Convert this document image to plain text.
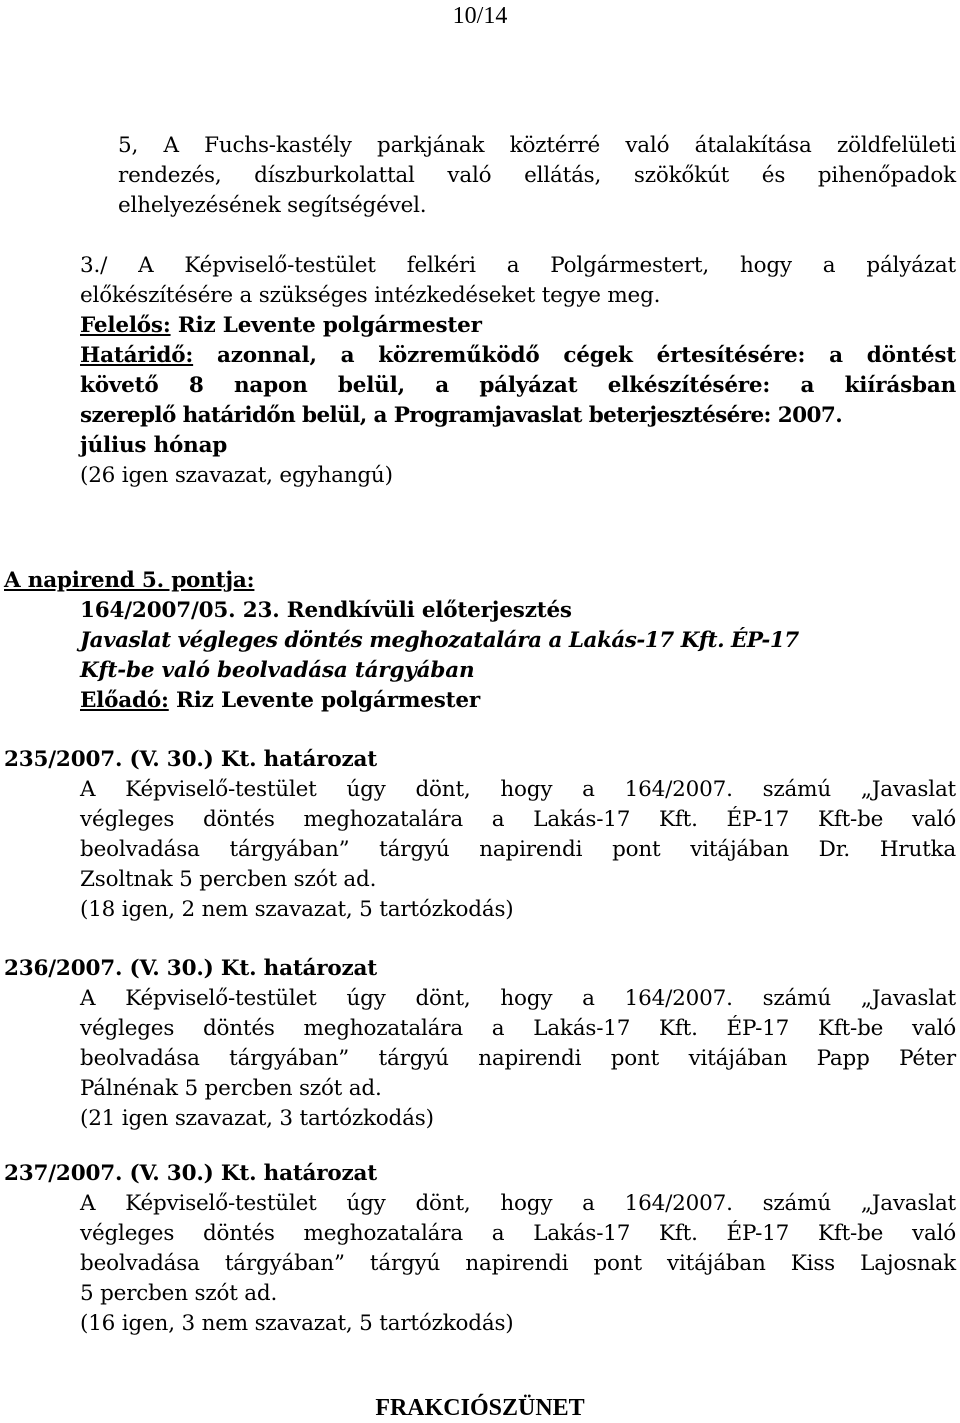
10/14
5, A Fuchs-kastély parkjának köztérré való átalakítása zöldfelületi
rendezés, díszburkolattal való ellátás, szökőkút és pihenőpadok
elhelyezésének segítségével.
3./ A Képviselő-testület felkéri a Polgármestert, hogy a pályázat
előkészítésére a szükséges intézkedéseket tegye meg.
Felelős: Riz Levente polgármester
Határidő: azonnal, a közreműködő cégek értesítésére: a döntést
követő 8 napon belül, a pályázat elkészítésére: a kiírásban
szereplő határidőn belül, a Programjavaslat beterjesztésére: 2007.
július hónap
(26 igen szavazat, egyhangú)
A napirend 5. pontja:
164/2007/05. 23. Rendkívüli előterjesztés
Javaslat végleges döntés meghozatalára a Lakás-17 Kft. ÉP-17
Kft-be való beolvadása tárgyában
Előadó: Riz Levente polgármester
235/2007. (V. 30.) Kt. határozat
A Képviselő-testület úgy dönt, hogy a 164/2007. számú „Javaslat
végleges döntés meghozatalára a Lakás-17 Kft. ÉP-17 Kft-be való
beolvadása tárgyában” tárgyú napirendi pont vitájában Dr. Hrutka
Zsoltnak 5 percben szót ad.
(18 igen, 2 nem szavazat, 5 tartózkodás)
236/2007. (V. 30.) Kt. határozat
A Képviselő-testület úgy dönt, hogy a 164/2007. számú „Javaslat
végleges döntés meghozatalára a Lakás-17 Kft. ÉP-17 Kft-be való
beolvadása tárgyában” tárgyú napirendi pont vitájában Papp Péter
Pálnénak 5 percben szót ad.
(21 igen szavazat, 3 tartózkodás)
237/2007. (V. 30.) Kt. határozat
A Képviselő-testület úgy dönt, hogy a 164/2007. számú „Javaslat
végleges döntés meghozatalára a Lakás-17 Kft. ÉP-17 Kft-be való
beolvadása tárgyában” tárgyú napirendi pont vitájában Kiss Lajosnak
5 percben szót ad.
(16 igen, 3 nem szavazat, 5 tartózkodás)
FRAKCIÓSZÜNET
